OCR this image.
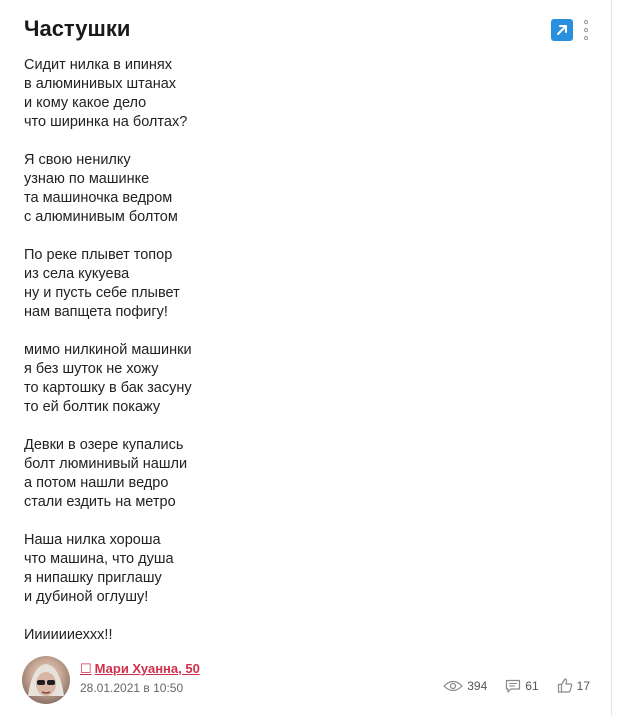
Частушки
Сидит нилка в ипинях
в алюминивых штанах
и кому какое дело
что ширинка на болтах?
Я свою ненилку
узнаю по машинке
та машиночка ведром
с алюминивым болтом
По реке плывет топор
из села кукуева
ну и пусть себе плывет
нам вапщета пофигу!
мимо нилкиной машинки
я без шуток не хожу
то картошку в бак засуну
то ей болтик покажу
Девки в озере купались
болт люминивый нашли
а потом нашли ведро
стали ездить на метро
Наша нилка хороша
что машина, что душа
я нипашку приглашу
и дубиной оглушу!
Ииииииеххх!!
☐ Мари Хуанна, 50
28.01.2021 в 10:50	394	61	17
